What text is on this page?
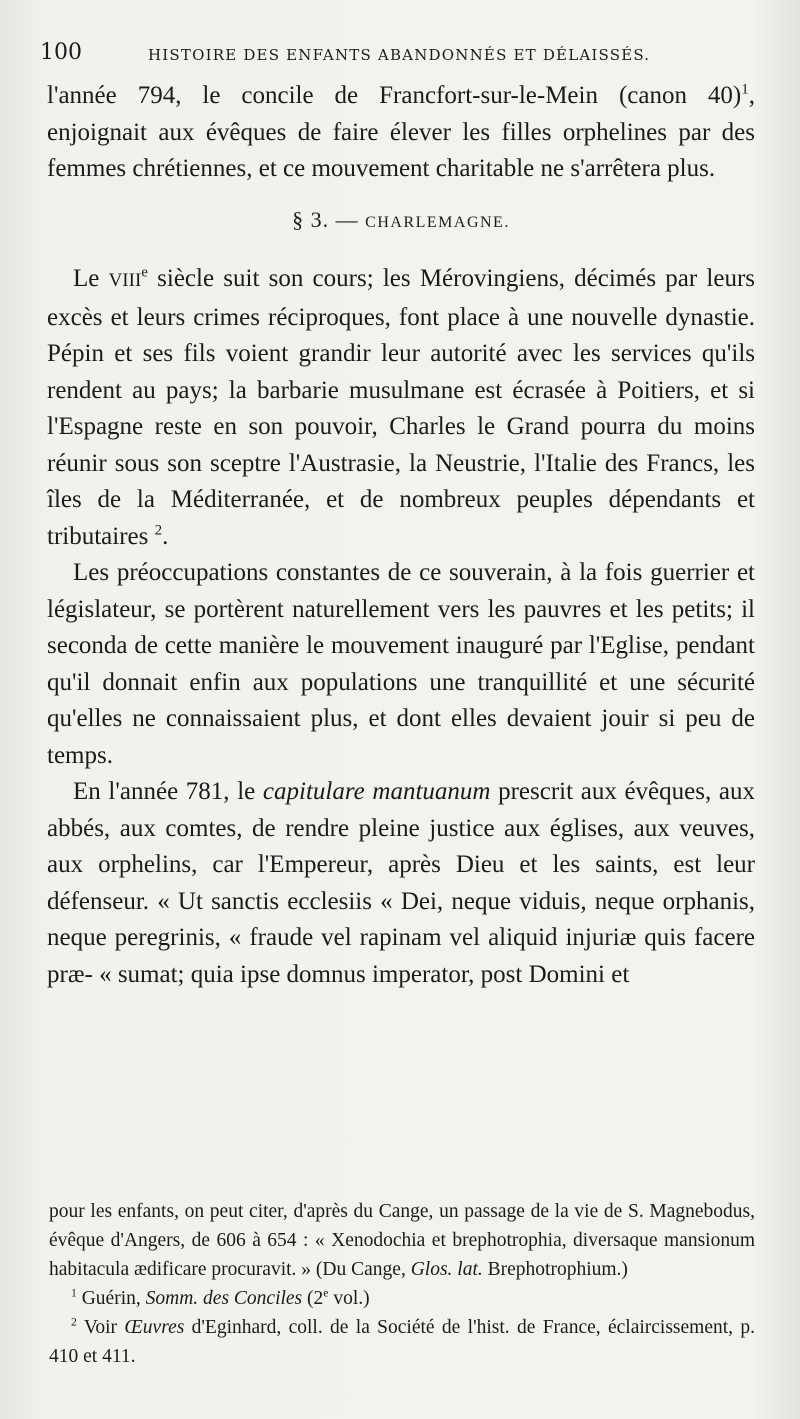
100	HISTOIRE DES ENFANTS ABANDONNÉS ET DÉLAISSÉS.

l'année 794, le concile de Francfort-sur-le-Mein (canon 40)$^1$, enjoignait aux évêques de faire élever les filles orphelines par des femmes chrétiennes, et ce mouvement charitable ne s'arrêtera plus.

§ 3. — CHARLEMAGNE.

Le VIIIe siècle suit son cours; les Mérovingiens, décimés par leurs excès et leurs crimes réciproques, font place à une nouvelle dynastie. Pépin et ses fils voient grandir leur autorité avec les services qu'ils rendent au pays; la barbarie musulmane est écrasée à Poitiers, et si l'Espagne reste en son pouvoir, Charles le Grand pourra du moins réunir sous son sceptre l'Austrasie, la Neustrie, l'Italie des Francs, les îles de la Méditerranée, et de nombreux peuples dépendants et tributaires $^2$.

Les préoccupations constantes de ce souverain, à la fois guerrier et législateur, se portèrent naturellement vers les pauvres et les petits; il seconda de cette manière le mouvement inauguré par l'Eglise, pendant qu'il donnait enfin aux populations une tranquillité et une sécurité qu'elles ne connaissaient plus, et dont elles devaient jouir si peu de temps.

En l'année 781, le capitulare mantuanum prescrit aux évêques, aux abbés, aux comtes, de rendre pleine justice aux églises, aux veuves, aux orphelins, car l'Empereur, après Dieu et les saints, est leur défenseur. « Ut sanctis ecclesiis « Dei, neque viduis, neque orphanis, neque peregrinis, « fraude vel rapinam vel aliquid injuriæ quis facere præ- « sumat; quia ipse domnus imperator, post Domini et

pour les enfants, on peut citer, d'après du Cange, un passage de la vie de S. Magnebodus, évêque d'Angers, de 606 à 654 : « Xenodochia et brephotrophia, diversaque mansionum habitacula ædificare procuravit. » (Du Cange, Glos. lat. Brephotrophium.)

$^1$ Guérin, Somm. des Conciles (2e vol.)

$^2$ Voir Œuvres d'Eginhard, coll. de la Société de l'hist. de France, éclaircissement, p. 410 et 411.
